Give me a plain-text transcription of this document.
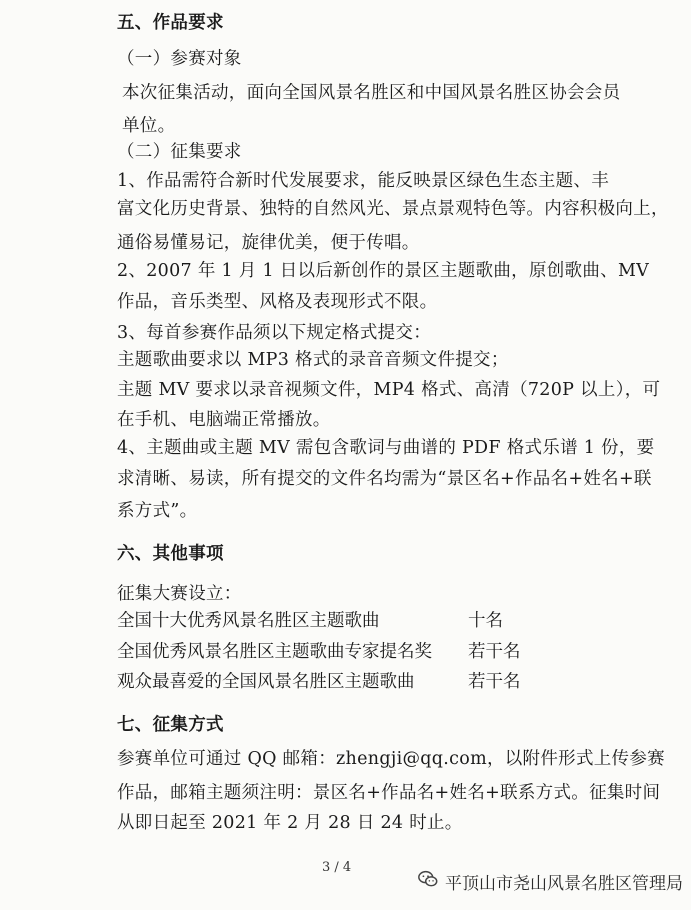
五、作品要求
（一）参赛对象
本次征集活动，面向全国风景名胜区和中国风景名胜区协会会员
单位。
（二）征集要求
1、作品需符合新时代发展要求，能反映景区绿色生态主题、丰
富文化历史背景、独特的自然风光、景点景观特色等。内容积极向上，
通俗易懂易记，旋律优美，便于传唱。
2、2007 年 1 月 1 日以后新创作的景区主题歌曲，原创歌曲、MV
作品，音乐类型、风格及表现形式不限。
3、每首参赛作品须以下规定格式提交：
主题歌曲要求以 MP3 格式的录音音频文件提交；
主题 MV 要求以录音视频文件，MP4 格式、高清（720P 以上），可
在手机、电脑端正常播放。
4、主题曲或主题 MV 需包含歌词与曲谱的 PDF 格式乐谱 1 份，要
求清晰、易读，所有提交的文件名均需为“景区名+作品名+姓名+联
系方式”。
六、其他事项
征集大赛设立：
全国十大优秀风景名胜区主题歌曲	十名
全国优秀风景名胜区主题歌曲专家提名奖 若干名
观众最喜爱的全国风景名胜区主题歌曲	若干名
七、征集方式
参赛单位可通过 QQ 邮箱：zhengji@qq.com，以附件形式上传参赛
作品，邮箱主题须注明：景区名+作品名+姓名+联系方式。征集时间
从即日起至 2021 年 2 月 28 日 24 时止。
3 / 4
平顶山市尧山风景名胜区管理局
